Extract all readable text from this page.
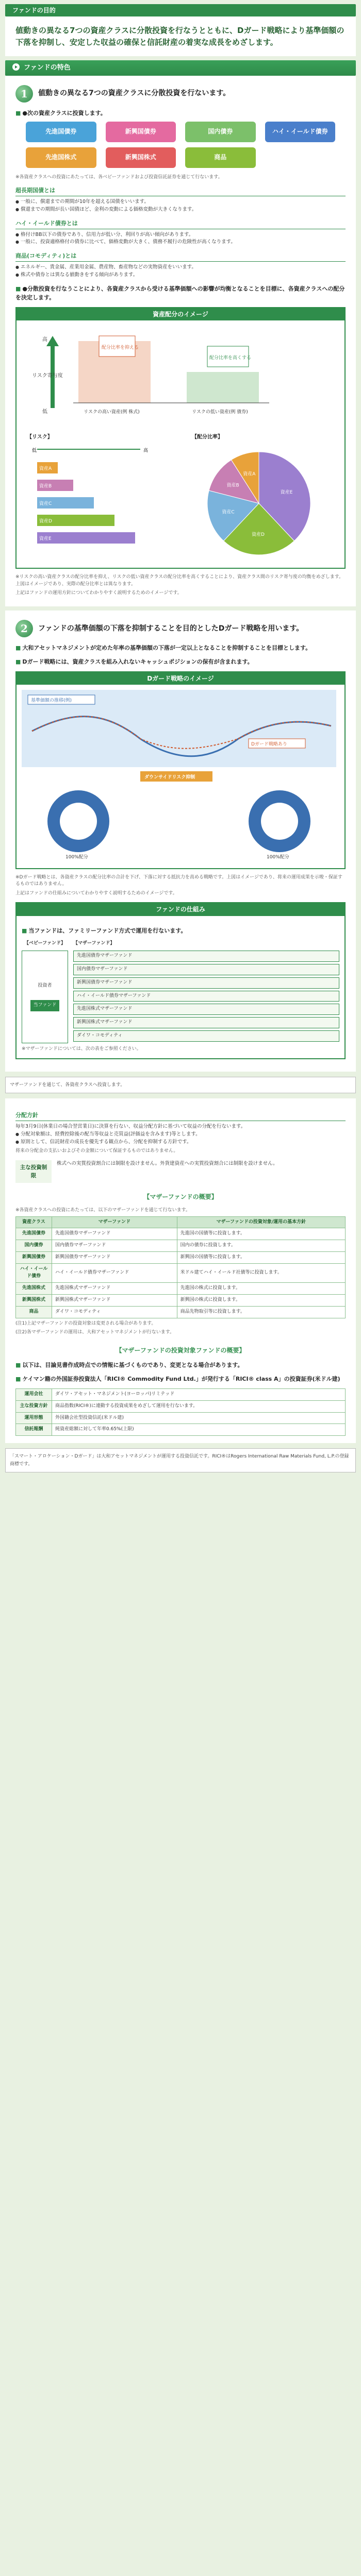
ファンドの目的
値動きの異なる7つの資産クラスに分散投資を行なうとともに、Dガード戦略により基準価額の下落を抑制し、安定した収益の確保と信託財産の着実な成長をめざします。
ファンドの特色
1	値動きの異なる7つの資産クラスに分散投資を行ないます。
■ ●次の資産クラスに投資します。
先進国債券	新興国債券	国内債券	ハイ・イールド債券
先進国株式	新興国株式	商品
※各資産クラスへの投資にあたっては、各ベビーファンドおよび投資信託証券を通じて行ないます。
超長期国債とは

● 一般に、償還までの期間が10年を超える国債をいいます。

● 償還までの期間が長い国債ほど、金利の変動による価格変動が大きくなります。

ハイ・イールド債券とは

● 格付けBB以下の債券であり、信用力が低い分、利回りが高い傾向があります。

● 一般に、投資適格格付の債券に比べて、価格変動が大きく、債務不履行の危険性が高くなります。

商品(コモディティ)とは

● エネルギー、貴金属、産業用金属、農産物、畜産物などの実物資産をいいます。

● 株式や債券とは異なる値動きをする傾向があります。

■ ●分散投資を行なうことにより、各資産クラスから受ける基準価額への影響が均衡となることを目標に、各資産クラスへの配分を決定します。
資産配分のイメージ
高
低
リスク寄与度
配分比率を抑える
配分比率を高くする
リスクの高い資産(例 株式)	リスクの低い資産(例 債券)

【リスク】	【配分比率】
低	高
資産A
資産B
資産C
資産D
資産E
資産E
資産D
資産C
資産B
資産A
※リスクの高い資産クラスの配分比率を抑え、リスクの低い資産クラスの配分比率を高くすることにより、資産クラス間のリスク寄与度の均衡をめざします。上図はイメージであり、実際の配分比率とは異なります。
上記はファンドの運用方針についてわかりやすく説明するためのイメージです。
2	ファンドの基準価額の下落を抑制することを目的としたDガード戦略を用います。
■ 大和アセットマネジメントが定めた年率の基準価額の下落が一定以上となることを抑制することを目標とします。
■ Dガード戦略には、資産クラスを組み入れないキャッシュポジションの保有が含まれます。
Dガード戦略のイメージ
基準価額の推移(例)
Dガード戦略あり
ダウンサイドリスク抑制
100%配分	100%配分
※Dガード戦略とは、各資産クラスの配分比率の合計を下げ、下落に対する抵抗力を高める戦略です。上図はイメージであり、将来の運用成果を示唆・保証するものではありません。
上記はファンドの仕組みについてわかりやすく説明するためのイメージです。
ファンドの仕組み
■ 当ファンドは、ファミリーファンド方式で運用を行ないます。
【ベビーファンド】
投資者
当ファンド
【マザーファンド】
先進国債券マザーファンド
国内債券マザーファンド
新興国債券マザーファンド
ハイ・イールド債券マザーファンド
先進国株式マザーファンド
新興国株式マザーファンド
ダイワ・コモディティ
※マザーファンドについては、次の表をご参照ください。
マザーファンドを通じて、各資産クラスへ投資します。
分配方針
毎年3月9日(休業日の場合翌営業日)に決算を行ない、収益分配方針に基づいて収益の分配を行ないます。

● 分配対象額は、経費控除後の配当等収益と売買益(評価益を含みます)等とします。

● 原則として、信託財産の成長を優先する観点から、分配を抑制する方針です。

将来の分配金の支払いおよびその金額について保証するものではありません。
主な投資制限
株式への実質投資割合には制限を設けません。外貨建資産への実質投資割合には制限を設けません。
【マザーファンドの概要】
※各資産クラスへの投資にあたっては、以下のマザーファンドを通じて行ないます。
資産クラス	マザーファンド	マザーファンドの投資対象/運用の基本方針
先進国債券	先進国債券マザーファンド	先進国の国債等に投資します。
国内債券	国内債券マザーファンド	国内の債券に投資します。
新興国債券	新興国債券マザーファンド	新興国の国債等に投資します。
ハイ・イールド債券	ハイ・イールド債券マザーファンド	米ドル建てハイ・イールド社債等に投資します。
先進国株式	先進国株式マザーファンド	先進国の株式に投資します。
新興国株式	新興国株式マザーファンド	新興国の株式に投資します。
商品	ダイワ・コモディティ	商品先物取引等に投資します。
(注1)上記マザーファンドの投資対象は変更される場合があります。
(注2)各マザーファンドの運用は、大和アセットマネジメントが行ないます。
【マザーファンドの投資対象ファンドの概要】
■ 以下は、目論見書作成時点での情報に基づくものであり、変更となる場合があります。
■ ケイマン籍の外国証券投資法人「RICI® Commodity Fund Ltd.」が発行する「RICI® class A」の投資証券(米ドル建)
運用会社	ダイワ・アセット・マネジメント(ヨーロッパ)リミテッド
主な投資方針	商品指数(RICI®)に連動する投資成果をめざして運用を行ないます。
運用形態	外国籍会社型投資信託(米ドル建)
信託報酬	純資産総額に対して年率0.65%(上限)
「スマート・アロケーション・Dガード」は大和アセットマネジメントが運用する投資信託です。RICI®はRogers International Raw Materials Fund, L.P.の登録商標です。
